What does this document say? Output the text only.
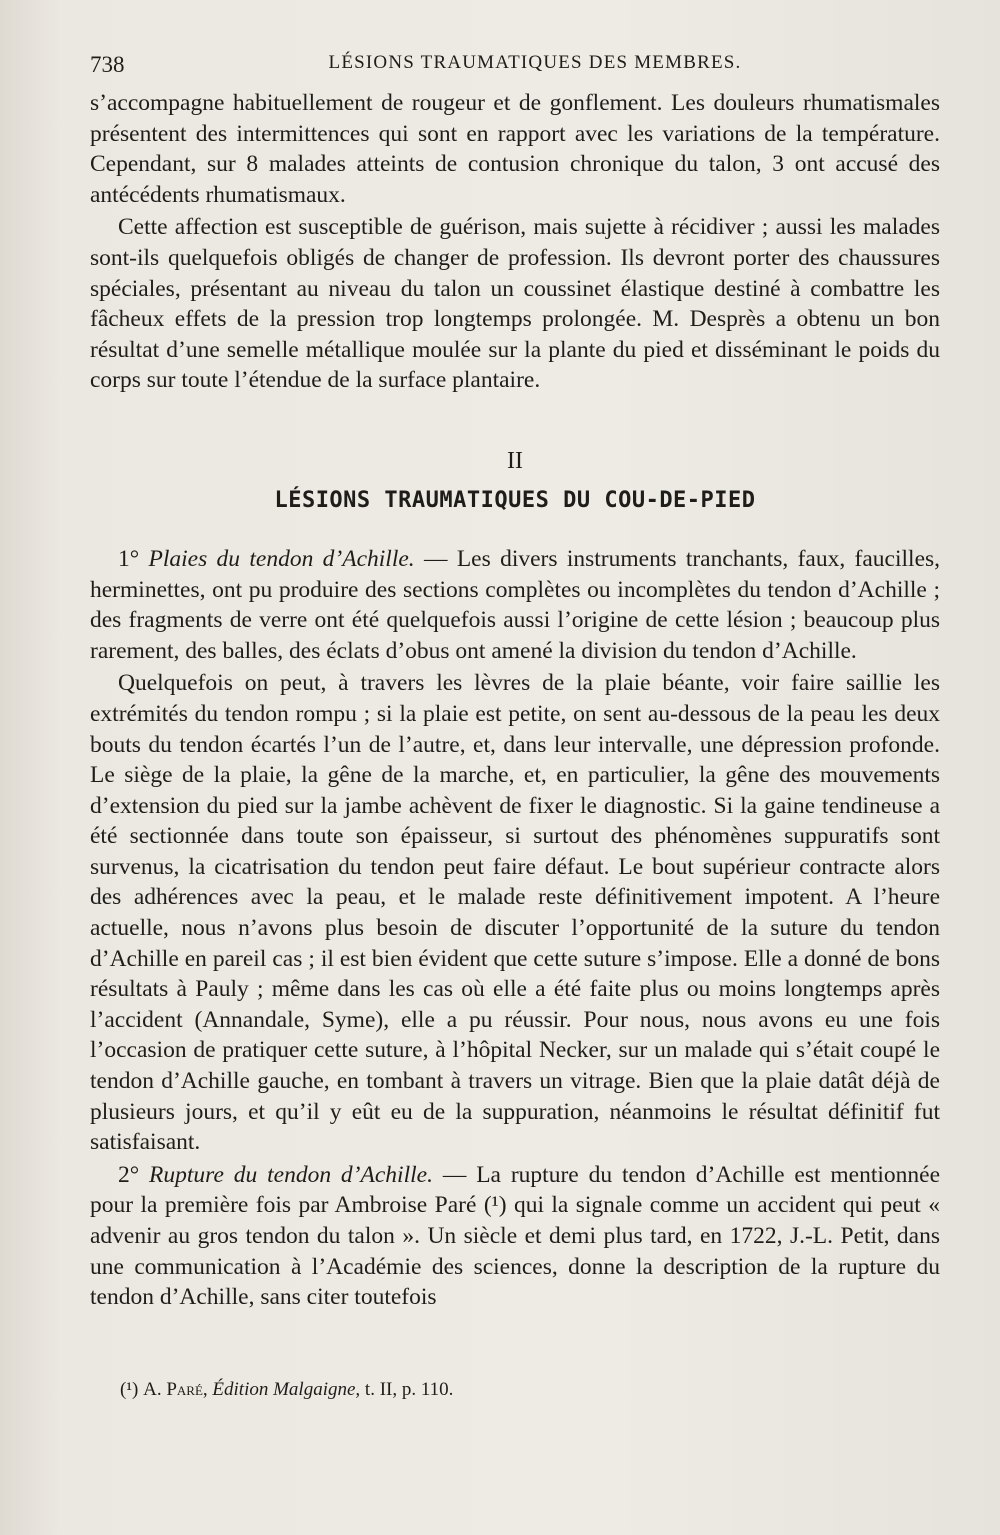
738	LÉSIONS TRAUMATIQUES DES MEMBRES.

s’accompagne habituellement de rougeur et de gonflement. Les douleurs rhumatismales présentent des intermittences qui sont en rapport avec les variations de la température. Cependant, sur 8 malades atteints de contusion chronique du talon, 3 ont accusé des antécédents rhumatismaux.

Cette affection est susceptible de guérison, mais sujette à récidiver ; aussi les malades sont-ils quelquefois obligés de changer de profession. Ils devront porter des chaussures spéciales, présentant au niveau du talon un coussinet élastique destiné à combattre les fâcheux effets de la pression trop longtemps prolongée. M. Desprès a obtenu un bon résultat d’une semelle métallique moulée sur la plante du pied et disséminant le poids du corps sur toute l’étendue de la surface plantaire.

II
LÉSIONS TRAUMATIQUES DU COU-DE-PIED

1° Plaies du tendon d’Achille. — Les divers instruments tranchants, faux, faucilles, herminettes, ont pu produire des sections complètes ou incomplètes du tendon d’Achille ; des fragments de verre ont été quelquefois aussi l’origine de cette lésion ; beaucoup plus rarement, des balles, des éclats d’obus ont amené la division du tendon d’Achille.

Quelquefois on peut, à travers les lèvres de la plaie béante, voir faire saillie les extrémités du tendon rompu ; si la plaie est petite, on sent au-dessous de la peau les deux bouts du tendon écartés l’un de l’autre, et, dans leur intervalle, une dépression profonde. Le siège de la plaie, la gêne de la marche, et, en particulier, la gêne des mouvements d’extension du pied sur la jambe achèvent de fixer le diagnostic. Si la gaine tendineuse a été sectionnée dans toute son épaisseur, si surtout des phénomènes suppuratifs sont survenus, la cicatrisation du tendon peut faire défaut. Le bout supérieur contracte alors des adhérences avec la peau, et le malade reste définitivement impotent. A l’heure actuelle, nous n’avons plus besoin de discuter l’opportunité de la suture du tendon d’Achille en pareil cas ; il est bien évident que cette suture s’impose. Elle a donné de bons résultats à Pauly ; même dans les cas où elle a été faite plus ou moins longtemps après l’accident (Annandale, Syme), elle a pu réussir. Pour nous, nous avons eu une fois l’occasion de pratiquer cette suture, à l’hôpital Necker, sur un malade qui s’était coupé le tendon d’Achille gauche, en tombant à travers un vitrage. Bien que la plaie datât déjà de plusieurs jours, et qu’il y eût eu de la suppuration, néanmoins le résultat définitif fut satisfaisant.

2° Rupture du tendon d’Achille. — La rupture du tendon d’Achille est mentionnée pour la première fois par Ambroise Paré (¹) qui la signale comme un accident qui peut « advenir au gros tendon du talon ». Un siècle et demi plus tard, en 1722, J.-L. Petit, dans une communication à l’Académie des sciences, donne la description de la rupture du tendon d’Achille, sans citer toutefois

(¹) A. Paré, Édition Malgaigne, t. II, p. 110.
